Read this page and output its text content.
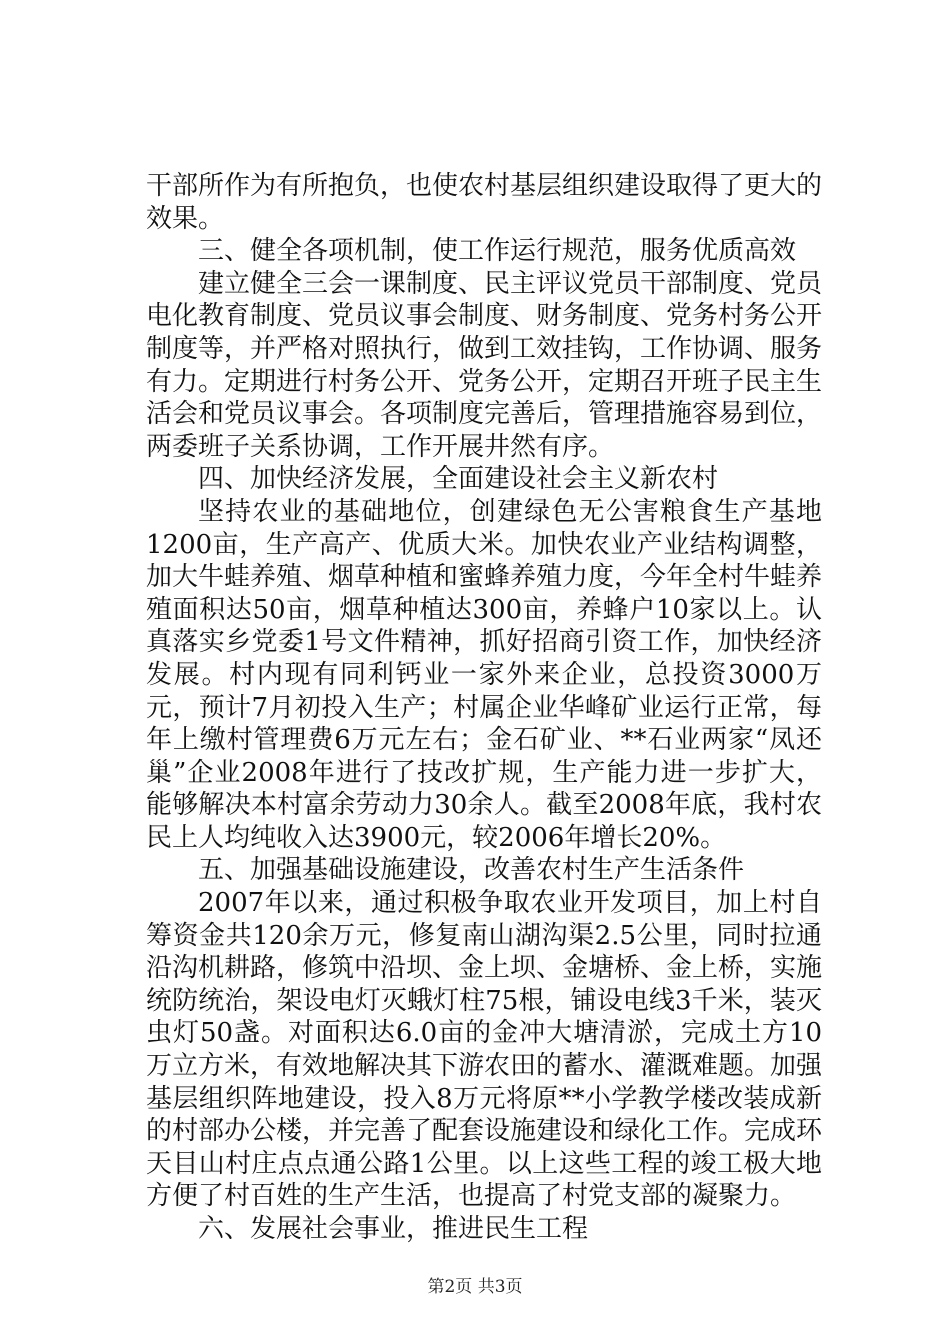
干部所作为有所抱负，也使农村基层组织建设取得了更大的效果。

三、健全各项机制，使工作运行规范，服务优质高效

建立健全三会一课制度、民主评议党员干部制度、党员电化教育制度、党员议事会制度、财务制度、党务村务公开制度等，并严格对照执行，做到工效挂钩，工作协调、服务有力。定期进行村务公开、党务公开，定期召开班子民主生活会和党员议事会。各项制度完善后，管理措施容易到位，两委班子关系协调，工作开展井然有序。

四、加快经济发展，全面建设社会主义新农村

坚持农业的基础地位，创建绿色无公害粮食生产基地1200亩，生产高产、优质大米。加快农业产业结构调整，加大牛蛙养殖、烟草种植和蜜蜂养殖力度，今年全村牛蛙养殖面积达50亩，烟草种植达300亩，养蜂户10家以上。认真落实乡党委1号文件精神，抓好招商引资工作，加快经济发展。村内现有同利钙业一家外来企业，总投资3000万元，预计7月初投入生产；村属企业华峰矿业运行正常，每年上缴村管理费6万元左右；金石矿业、**石业两家“凤还巢”企业2008年进行了技改扩规，生产能力进一步扩大，能够解决本村富余劳动力30余人。截至2008年底，我村农民上人均纯收入达3900元，较2006年增长20%。

五、加强基础设施建设，改善农村生产生活条件

2007年以来，通过积极争取农业开发项目，加上村自筹资金共120余万元，修复南山湖沟渠2.5公里，同时拉通沿沟机耕路，修筑中沿坝、金上坝、金塘桥、金上桥，实施统防统治，架设电灯灭蛾灯柱75根，铺设电线3千米，装灭虫灯50盏。对面积达6.0亩的金冲大塘清淤，完成土方10万立方米，有效地解决其下游农田的蓄水、灌溉难题。加强基层组织阵地建设，投入8万元将原**小学教学楼改装成新的村部办公楼，并完善了配套设施建设和绿化工作。完成环天目山村庄点点通公路1公里。以上这些工程的竣工极大地方便了村百姓的生产生活，也提高了村党支部的凝聚力。

六、发展社会事业，推进民生工程

第2页 共3页
